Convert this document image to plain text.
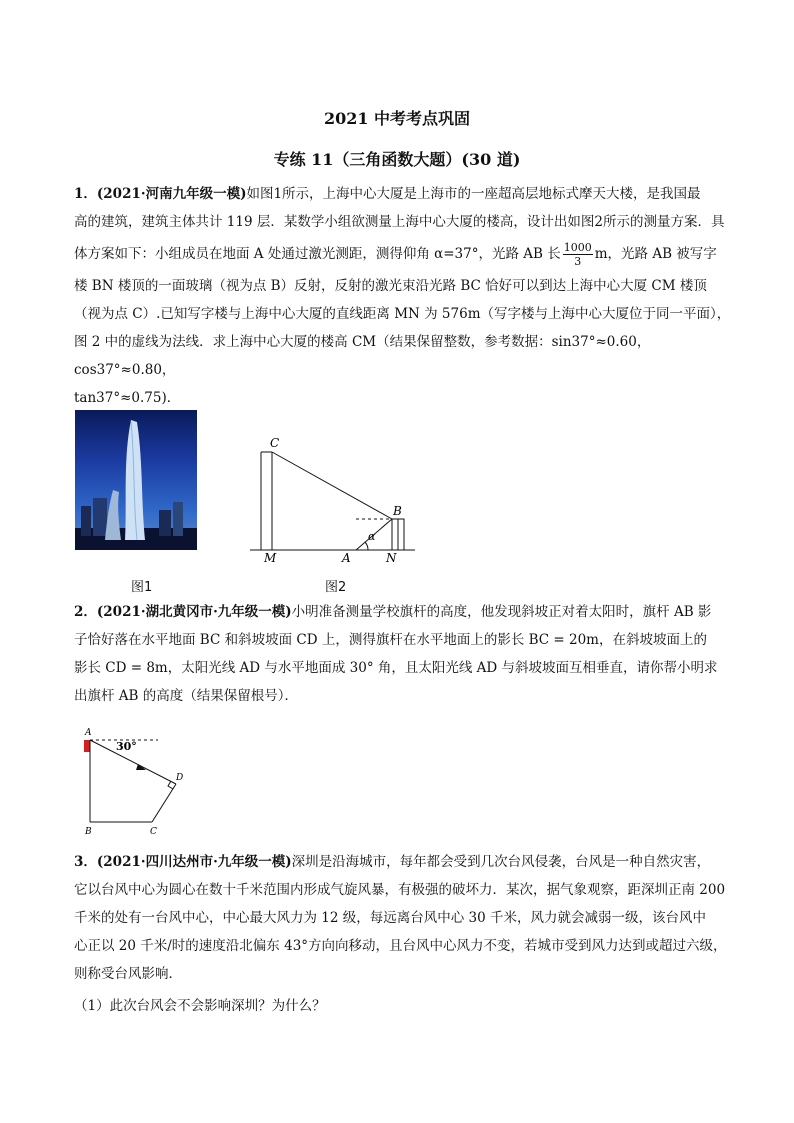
2021 中考考点巩固
专练 11（三角函数大题）(30 道)
1．(2021·河南九年级一模)如图1所示，上海中心大厦是上海市的一座超高层地标式摩天大楼，是我国最
高的建筑，建筑主体共计 119 层．某数学小组欲测量上海中心大厦的楼高，设计出如图2所示的测量方案．具
体方案如下：小组成员在地面 A 处通过激光测距，测得仰角 α=37°，光路 AB 长 $\frac{1000}{3}$ m，光路 AB 被写字
楼 BN 楼顶的一面玻璃（视为点 B）反射，反射的激光束沿光路 BC 恰好可以到达上海中心大厦 CM 楼顶
（视为点 C）.已知写字楼与上海中心大厦的直线距离 MN 为 576m（写字楼与上海中心大厦位于同一平面），
图 2 中的虚线为法线．求上海中心大厦的楼高 CM（结果保留整数，参考数据：sin37°≈0.60，cos37°≈0.80，
tan37°≈0.75)．
图1
C
B
M	A	N
α
图2
2．(2021·湖北黄冈市·九年级一模)小明准备测量学校旗杆的高度，他发现斜坡正对着太阳时，旗杆 AB 影
子恰好落在水平地面 BC 和斜坡坡面 CD 上，测得旗杆在水平地面上的影长 BC = 20m，在斜坡坡面上的
影长 CD = 8m，太阳光线 AD 与水平地面成 30° 角，且太阳光线 AD 与斜坡坡面互相垂直，请你帮小明求
出旗杆 AB 的高度（结果保留根号）．
30°
A
D
B	C
3．(2021·四川达州市·九年级一模)深圳是沿海城市，每年都会受到几次台风侵袭，台风是一种自然灾害，
它以台风中心为圆心在数十千米范围内形成气旋风暴，有极强的破坏力．某次，据气象观察，距深圳正南 200
千米的处有一台风中心，中心最大风力为 12 级，每远离台风中心 30 千米，风力就会减弱一级，该台风中
心正以 20 千米/时的速度沿北偏东 43°方向向移动，且台风中心风力不变，若城市受到风力达到或超过六级，
则称受台风影响．
（1）此次台风会不会影响深圳？为什么？
